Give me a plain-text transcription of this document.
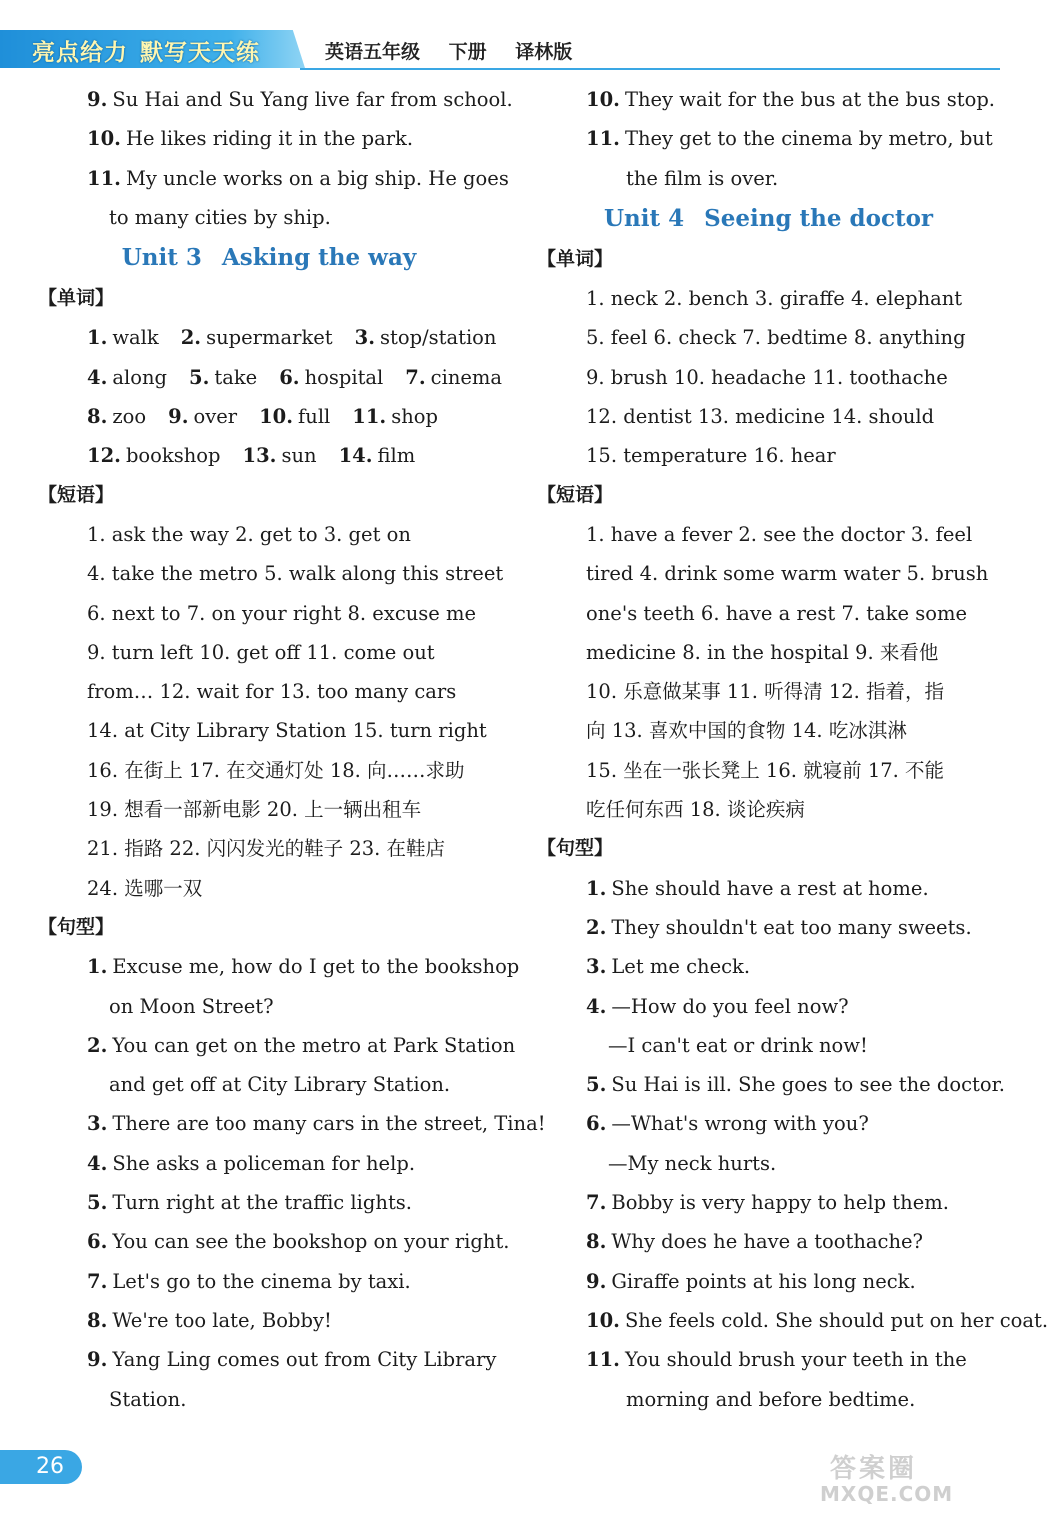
亮点给力 默写天天练	英语五年级 下册 译林版
9. Su Hai and Su Yang live far from school.
10. He likes riding it in the park.
11. My uncle works on a big ship. He goes
to many cities by ship.
Unit 3 Asking the way
【单词】
1. walk 2. supermarket 3. stop/station
4. along 5. take 6. hospital 7. cinema
8. zoo 9. over 10. full 11. shop
12. bookshop 13. sun 14. film
【短语】
1. ask the way 2. get to 3. get on
4. take the metro 5. walk along this street
6. next to 7. on your right 8. excuse me
9. turn left 10. get off 11. come out
from… 12. wait for 13. too many cars
14. at City Library Station 15. turn right
16. 在街上 17. 在交通灯处 18. 向……求助
19. 想看一部新电影 20. 上一辆出租车
21. 指路 22. 闪闪发光的鞋子 23. 在鞋店
24. 选哪一双
【句型】
1. Excuse me, how do I get to the bookshop
on Moon Street?
2. You can get on the metro at Park Station
and get off at City Library Station.
3. There are too many cars in the street, Tina!
4. She asks a policeman for help.
5. Turn right at the traffic lights.
6. You can see the bookshop on your right.
7. Let's go to the cinema by taxi.
8. We're too late, Bobby!
9. Yang Ling comes out from City Library
Station.
10. They wait for the bus at the bus stop.
11. They get to the cinema by metro, but
the film is over.
Unit 4 Seeing the doctor
【单词】
1. neck 2. bench 3. giraffe 4. elephant
5. feel 6. check 7. bedtime 8. anything
9. brush 10. headache 11. toothache
12. dentist 13. medicine 14. should
15. temperature 16. hear
【短语】
1. have a fever 2. see the doctor 3. feel
tired 4. drink some warm water 5. brush
one's teeth 6. have a rest 7. take some
medicine 8. in the hospital 9. 来看他
10. 乐意做某事 11. 听得清 12. 指着，指
向 13. 喜欢中国的食物 14. 吃冰淇淋
15. 坐在一张长凳上 16. 就寝前 17. 不能
吃任何东西 18. 谈论疾病
【句型】
1. She should have a rest at home.
2. They shouldn't eat too many sweets.
3. Let me check.
4. —How do you feel now?
—I can't eat or drink now!
5. Su Hai is ill. She goes to see the doctor.
6. —What's wrong with you?
—My neck hurts.
7. Bobby is very happy to help them.
8. Why does he have a toothache?
9. Giraffe points at his long neck.
10. She feels cold. She should put on her coat.
11. You should brush your teeth in the
morning and before bedtime.
26	答案圈
MXQE.COM
